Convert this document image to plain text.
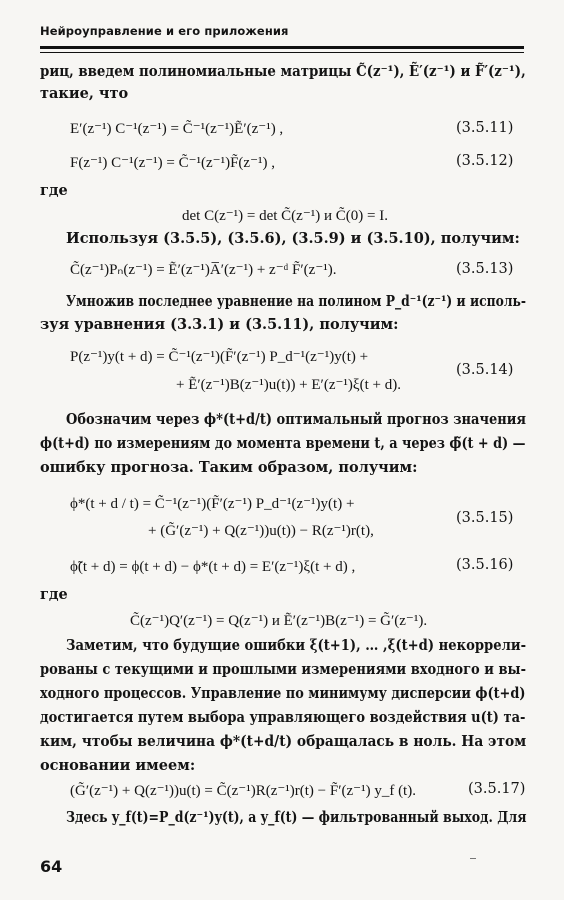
Нейроуправление и его приложения
риц, введем полиномиальные матрицы C̃(z⁻¹), Ẽ′(z⁻¹) и F̃′(z⁻¹),
такие, что
E′(z⁻¹) C⁻¹(z⁻¹) = C̃⁻¹(z⁻¹)Ẽ′(z⁻¹) ,	(3.5.11)
F(z⁻¹) C⁻¹(z⁻¹) = C̃⁻¹(z⁻¹)F̃(z⁻¹) ,	(3.5.12)
где
det C(z⁻¹) = det C̃(z⁻¹) и C̃(0) = I.
Используя (3.5.5), (3.5.6), (3.5.9) и (3.5.10), получим:
C̃(z⁻¹)Pₙ(z⁻¹) = Ẽ′(z⁻¹)A̅′(z⁻¹) + z⁻ᵈ F̃′(z⁻¹).	(3.5.13)
Умножив последнее уравнение на полином P_d⁻¹(z⁻¹) и исполь-
зуя уравнения (3.3.1) и (3.5.11), получим:
P(z⁻¹)y(t + d) = C̃⁻¹(z⁻¹)(F̃′(z⁻¹) P_d⁻¹(z⁻¹)y(t) +
+ Ẽ′(z⁻¹)B(z⁻¹)u(t)) + E′(z⁻¹)ξ(t + d).
(3.5.14)
Обозначим через ϕ*(t+d/t) оптимальный прогноз значения
ϕ(t+d) по измерениям до момента времени t, а через ϕ̃(t + d) —
ошибку прогноза. Таким образом, получим:
ϕ*(t + d / t) = C̃⁻¹(z⁻¹)(F̃′(z⁻¹) P_d⁻¹(z⁻¹)y(t) +
+ (G̃′(z⁻¹) + Q(z⁻¹))u(t)) − R(z⁻¹)r(t),
(3.5.15)
ϕ̃(t + d) = ϕ(t + d) − ϕ*(t + d) = E′(z⁻¹)ξ(t + d) ,	(3.5.16)
где
C̃(z⁻¹)Q′(z⁻¹) = Q(z⁻¹) и Ẽ′(z⁻¹)B(z⁻¹) = G̃′(z⁻¹).
Заметим, что будущие ошибки ξ(t+1), … ,ξ(t+d) некоррели-
рованы с текущими и прошлыми измерениями входного и вы-
ходного процессов. Управление по минимуму дисперсии ϕ(t+d)
достигается путем выбора управляющего воздействия u(t) та-
ким, чтобы величина ϕ*(t+d/t) обращалась в ноль. На этом
основании имеем:
(G̃′(z⁻¹) + Q(z⁻¹))u(t) = C̃(z⁻¹)R(z⁻¹)r(t) − F̃′(z⁻¹) y_f (t).	(3.5.17)
Здесь y_f(t)=P_d(z⁻¹)y(t), а y_f(t) — фильтрованный выход. Для
64
